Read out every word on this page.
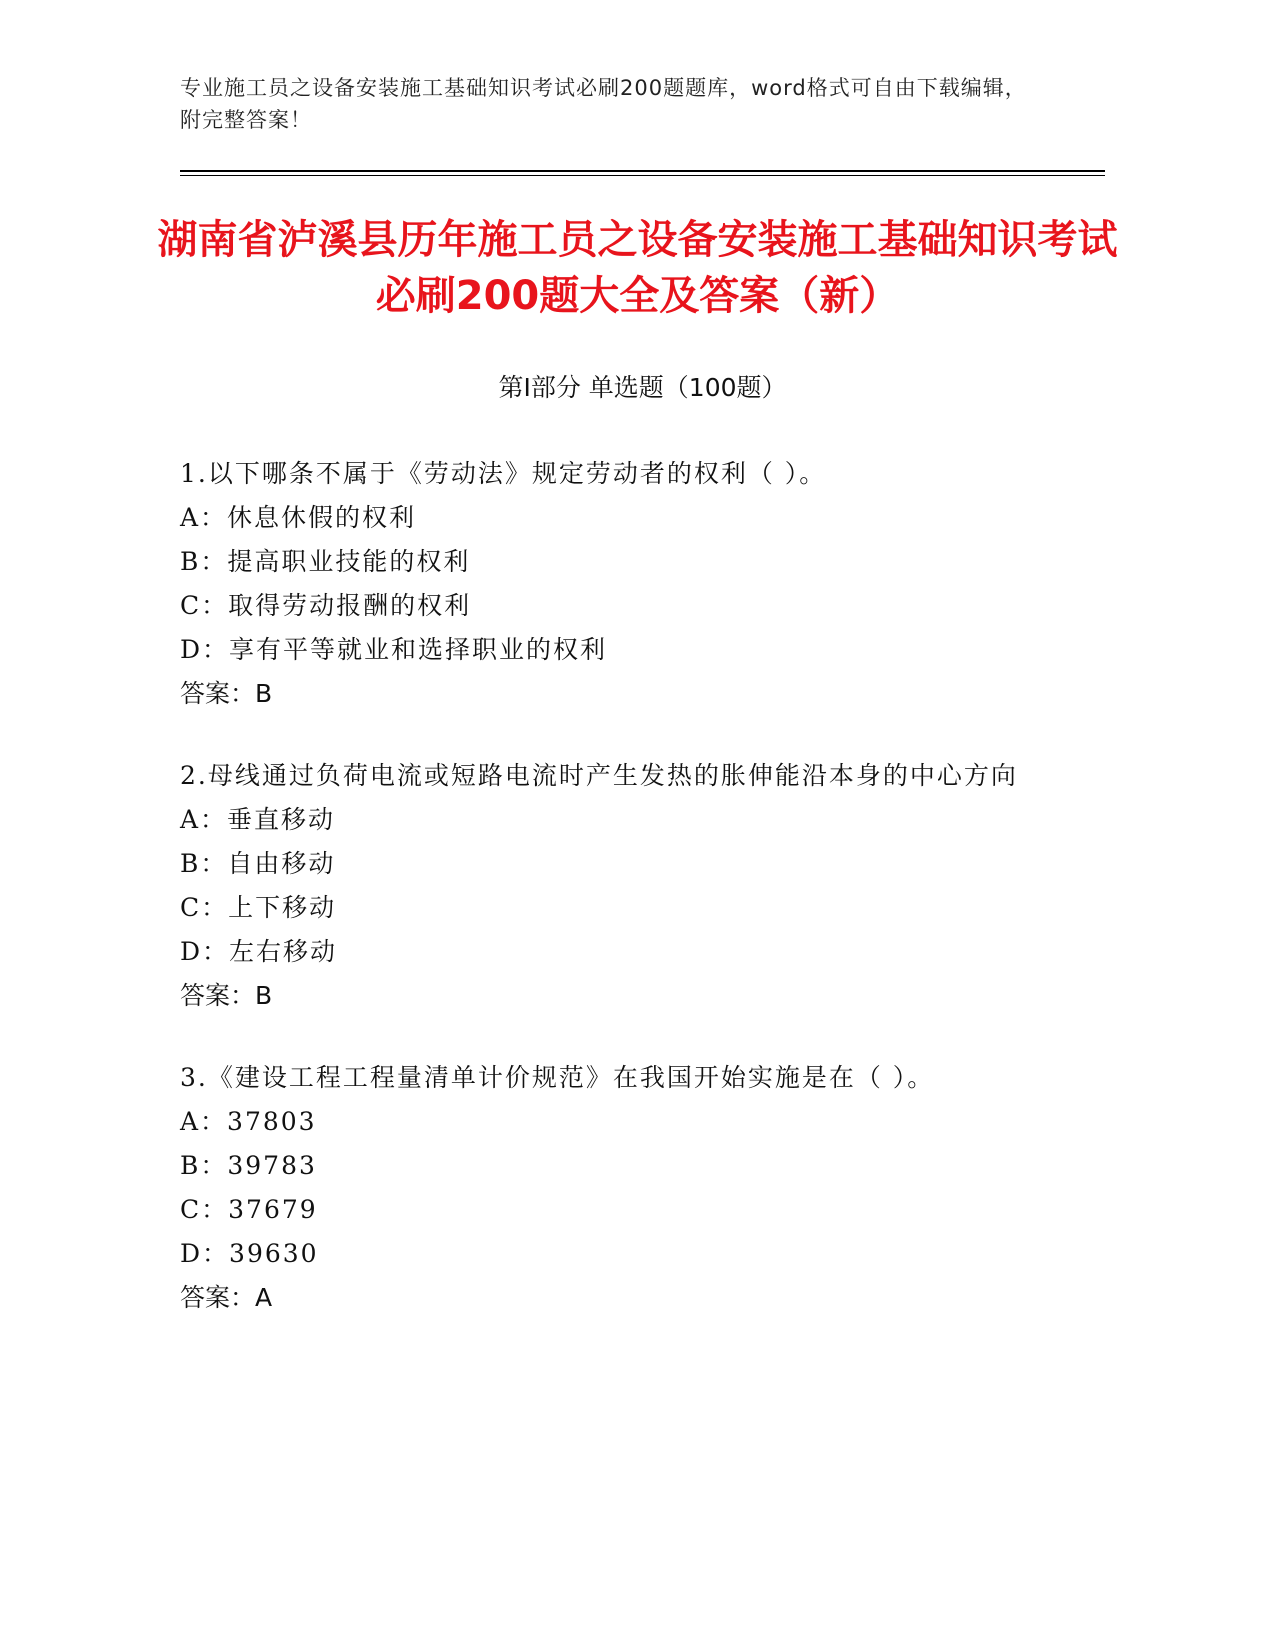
专业施工员之设备安装施工基础知识考试必刷200题题库，word格式可自由下载编辑，附完整答案！
湖南省泸溪县历年施工员之设备安装施工基础知识考试必刷200题大全及答案（新）
第Ⅰ部分 单选题（100题）
1.以下哪条不属于《劳动法》规定劳动者的权利（ ）。
A：休息休假的权利
B：提高职业技能的权利
C：取得劳动报酬的权利
D：享有平等就业和选择职业的权利
答案：B
2.母线通过负荷电流或短路电流时产生发热的胀伸能沿本身的中心方向
A：垂直移动
B：自由移动
C：上下移动
D：左右移动
答案：B
3.《建设工程工程量清单计价规范》在我国开始实施是在（ ）。
A：37803
B：39783
C：37679
D：39630
答案：A
